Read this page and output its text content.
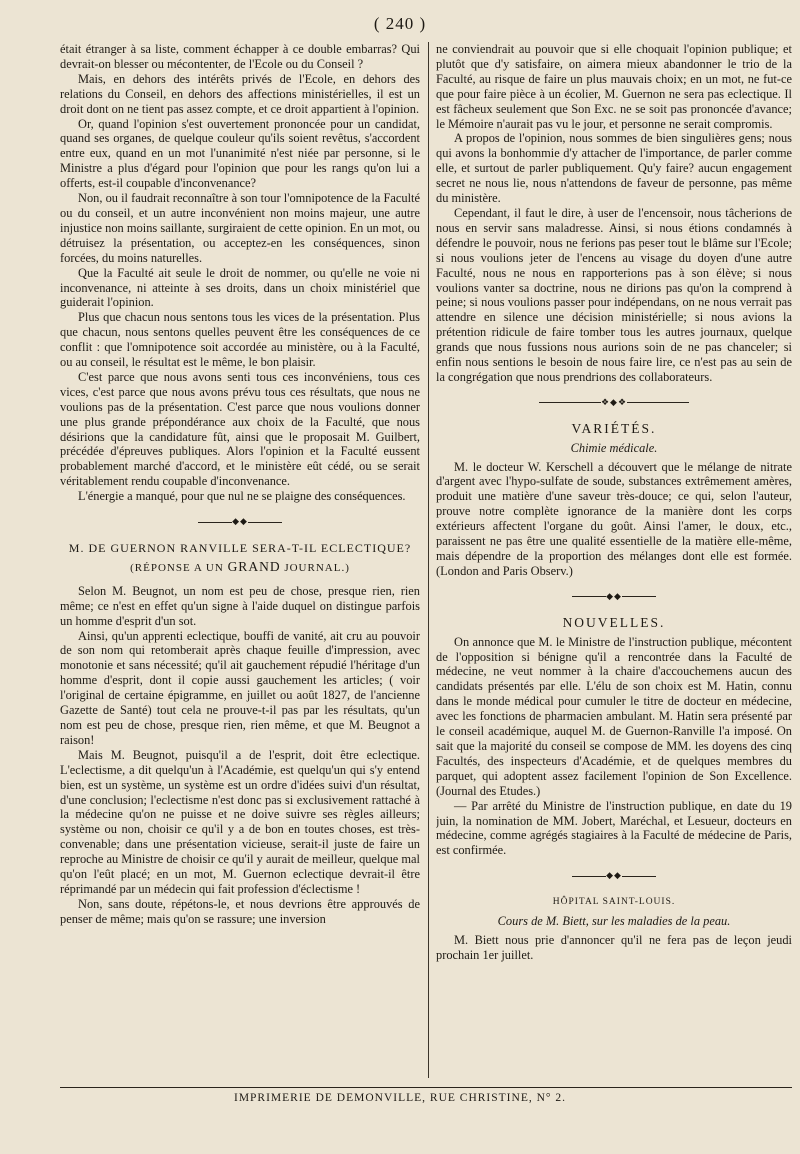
( 240 )

était étranger à sa liste, comment échapper à ce double embarras? Qui devrait-on blesser ou mécontenter, de l'Ecole ou du Conseil ?

Mais, en dehors des intérêts privés de l'Ecole, en dehors des relations du Conseil, en dehors des affections ministérielles, il est un droit dont on ne tient pas assez compte, et ce droit appartient à l'opinion.

Or, quand l'opinion s'est ouvertement prononcée pour un candidat, quand ses organes, de quelque couleur qu'ils soient revêtus, s'accordent entre eux, quand en un mot l'unanimité n'est niée par personne, si le Ministre a plus d'égard pour l'opinion que pour les rangs qu'on lui a offerts, est-il coupable d'inconvenance?

Non, ou il faudrait reconnaître à son tour l'omnipotence de la Faculté ou du conseil, et un autre inconvénient non moins majeur, une autre injustice non moins saillante, surgiraient de cette opinion. En un mot, ou détruisez la présentation, ou acceptez-en les conséquences, sinon forcées, du moins naturelles.

Que la Faculté ait seule le droit de nommer, ou qu'elle ne voie ni inconvenance, ni atteinte à ses droits, dans un choix ministériel que guiderait l'opinion.

Plus que chacun nous sentons tous les vices de la présentation. Plus que chacun, nous sentons quelles peuvent être les conséquences de ce conflit : que l'omnipotence soit accordée au ministère, ou à la Faculté, ou au conseil, le résultat est le même, le bon plaisir.

C'est parce que nous avons senti tous ces inconvéniens, tous ces vices, c'est parce que nous avons prévu tous ces résultats, que nous ne voulions pas de la présentation. C'est parce que nous voulions donner une plus grande prépondérance aux choix de la Faculté, que nous désirions que la candidature fût, ainsi que le proposait M. Guilbert, précédée d'épreuves publiques. Alors l'opinion et la Faculté eussent probablement marché d'accord, et le ministère eût cédé, ou se serait véritablement rendu coupable d'inconvenance.

L'énergie a manqué, pour que nul ne se plaigne des conséquences.

◆◆
M. DE GUERNON RANVILLE SERA-T-IL ECLECTIQUE?
(RÉPONSE A UN GRAND JOURNAL.)

Selon M. Beugnot, un nom est peu de chose, presque rien, rien même; ce n'est en effet qu'un signe à l'aide duquel on distingue parfois un homme d'esprit d'un sot.

Ainsi, qu'un apprenti eclectique, bouffi de vanité, ait cru au pouvoir de son nom qui retomberait après chaque feuille d'impression, avec monotonie et sans nécessité; qu'il ait gauchement répudié l'héritage d'un homme d'esprit, dont il copie aussi gauchement les articles; ( voir l'original de certaine épigramme, en juillet ou août 1827, de l'ancienne Gazette de Santé) tout cela ne prouve-t-il pas par les résultats, qu'un nom est peu de chose, presque rien, rien même, et que M. Beugnot a raison!

Mais M. Beugnot, puisqu'il a de l'esprit, doit être eclectique. L'eclectisme, a dit quelqu'un à l'Académie, est quelqu'un qui s'y entend bien, est un système, un système est un ordre d'idées suivi d'un résultat, d'une conclusion; l'eclectisme n'est donc pas si exclusivement rattaché à la médecine qu'on ne puisse et ne doive suivre ses règles ailleurs; système ou non, choisir ce qu'il y a de bon en toutes choses, est très-convenable; dans une présentation vicieuse, serait-il juste de faire un reproche au Ministre de choisir ce qu'il y aurait de meilleur, quelque mal qu'on l'eût placé; en un mot, M. Guernon eclectique devrait-il être réprimandé par un médecin qui fait profession d'éclectisme !

Non, sans doute, répétons-le, et nous devrions être approuvés de penser de même; mais qu'on se rassure; une inversion

ne conviendrait au pouvoir que si elle choquait l'opinion publique; et plutôt que d'y satisfaire, on aimera mieux abandonner le trio de la Faculté, au risque de faire un plus mauvais choix; en un mot, ne fut-ce que pour faire pièce à un écolier, M. Guernon ne sera pas eclectique. Il est fâcheux seulement que Son Exc. ne se soit pas prononcée d'avance; le Mémoire n'aurait pas vu le jour, et personne ne serait compromis.

A propos de l'opinion, nous sommes de bien singulières gens; nous qui avons la bonhommie d'y attacher de l'importance, de parler comme elle, et surtout de parler publiquement. Qu'y faire? aucun engagement secret ne nous lie, nous n'attendons de faveur de personne, pas même du ministère.

Cependant, il faut le dire, à user de l'encensoir, nous tâcherions de nous en servir sans maladresse. Ainsi, si nous étions condamnés à défendre le pouvoir, nous ne ferions pas peser tout le blâme sur l'Ecole; si nous voulions jeter de l'encens au visage du doyen d'une autre Faculté, nous ne nous en rapporterions pas à son élève; si nous voulions vanter sa doctrine, nous ne dirions pas qu'on la comprend à peine; si nous voulions passer pour indépendans, on ne nous verrait pas attendre en silence une décision ministérielle; si nous avions la prétention ridicule de faire tomber tous les autres journaux, quelque grands que nous fussions nous aurions soin de ne pas chanceler; si enfin nous sentions le besoin de nous faire lire, ce n'est pas au sein de la congrégation que nous prendrions des collaborateurs.

❖◆❖
VARIÉTÉS.
Chimie médicale.

M. le docteur W. Kerschell a découvert que le mélange de nitrate d'argent avec l'hypo-sulfate de soude, substances extrêmement amères, produit une matière d'une saveur très-douce; ce qui, selon l'auteur, prouve notre complète ignorance de la manière dont les corps extérieurs affectent l'organe du goût. Ainsi l'amer, le doux, etc., paraissent ne pas être une qualité essentielle de la matière elle-même, mais dépendre de la proportion des mélanges dont elle est formée. (London and Paris Observ.)

◆◆
NOUVELLES.

On annonce que M. le Ministre de l'instruction publique, mécontent de l'opposition si bénigne qu'il a rencontrée dans la Faculté de médecine, ne veut nommer à la chaire d'accouchemens aucun des candidats présentés par elle. L'élu de son choix est M. Hatin, connu dans le monde médical pour cumuler le titre de docteur en médecine, avec les fonctions de pharmacien ambulant. M. Hatin sera présenté par le conseil académique, auquel M. de Guernon-Ranville l'a imposé. On sait que la majorité du conseil se compose de MM. les doyens des cinq Facultés, des inspecteurs d'Académie, et de quelques membres du parquet, qui adoptent assez facilement l'opinion de Son Excellence. (Journal des Etudes.)

— Par arrêté du Ministre de l'instruction publique, en date du 19 juin, la nomination de MM. Jobert, Maréchal, et Lesueur, docteurs en médecine, comme agrégés stagiaires à la Faculté de médecine de Paris, est confirmée.

◆◆
HÔPITAL SAINT-LOUIS.
Cours de M. Biett, sur les maladies de la peau.

M. Biett nous prie d'annoncer qu'il ne fera pas de leçon jeudi prochain 1er juillet.

IMPRIMERIE DE DEMONVILLE, RUE CHRISTINE, N° 2.
